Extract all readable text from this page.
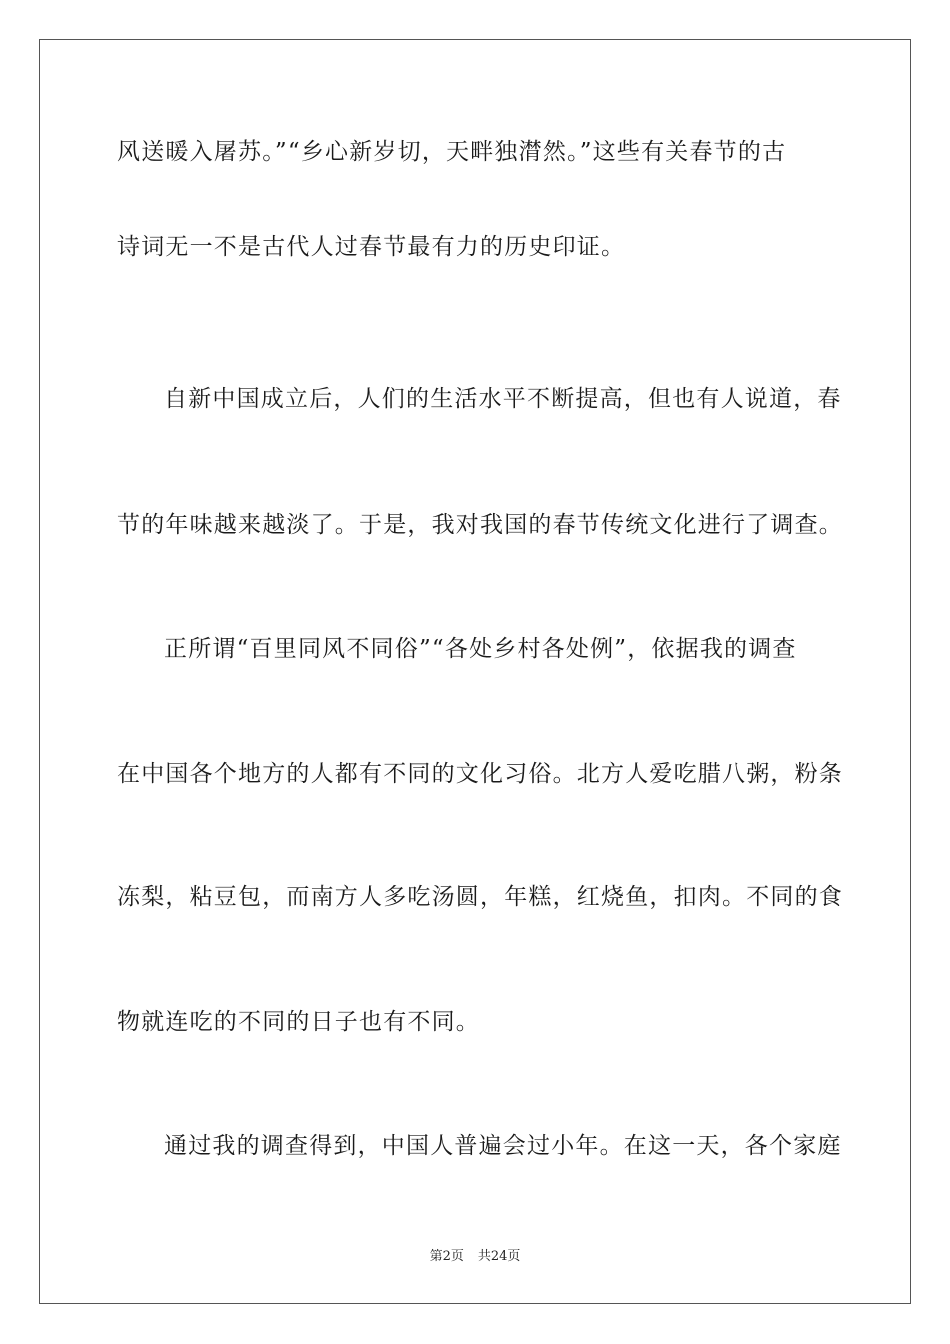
风送暖入屠苏。”“乡心新岁切，天畔独潸然。”这些有关春节的古
诗词无一不是古代人过春节最有力的历史印证。
自新中国成立后，人们的生活水平不断提高，但也有人说道，春
节的年味越来越淡了。于是，我对我国的春节传统文化进行了调查。
正所谓“百里同风不同俗”“各处乡村各处例”，依据我的调查
在中国各个地方的人都有不同的文化习俗。北方人爱吃腊八粥，粉条
冻梨，粘豆包，而南方人多吃汤圆，年糕，红烧鱼，扣肉。不同的食
物就连吃的不同的日子也有不同。
通过我的调查得到，中国人普遍会过小年。在这一天，各个家庭
第2页 共24页
